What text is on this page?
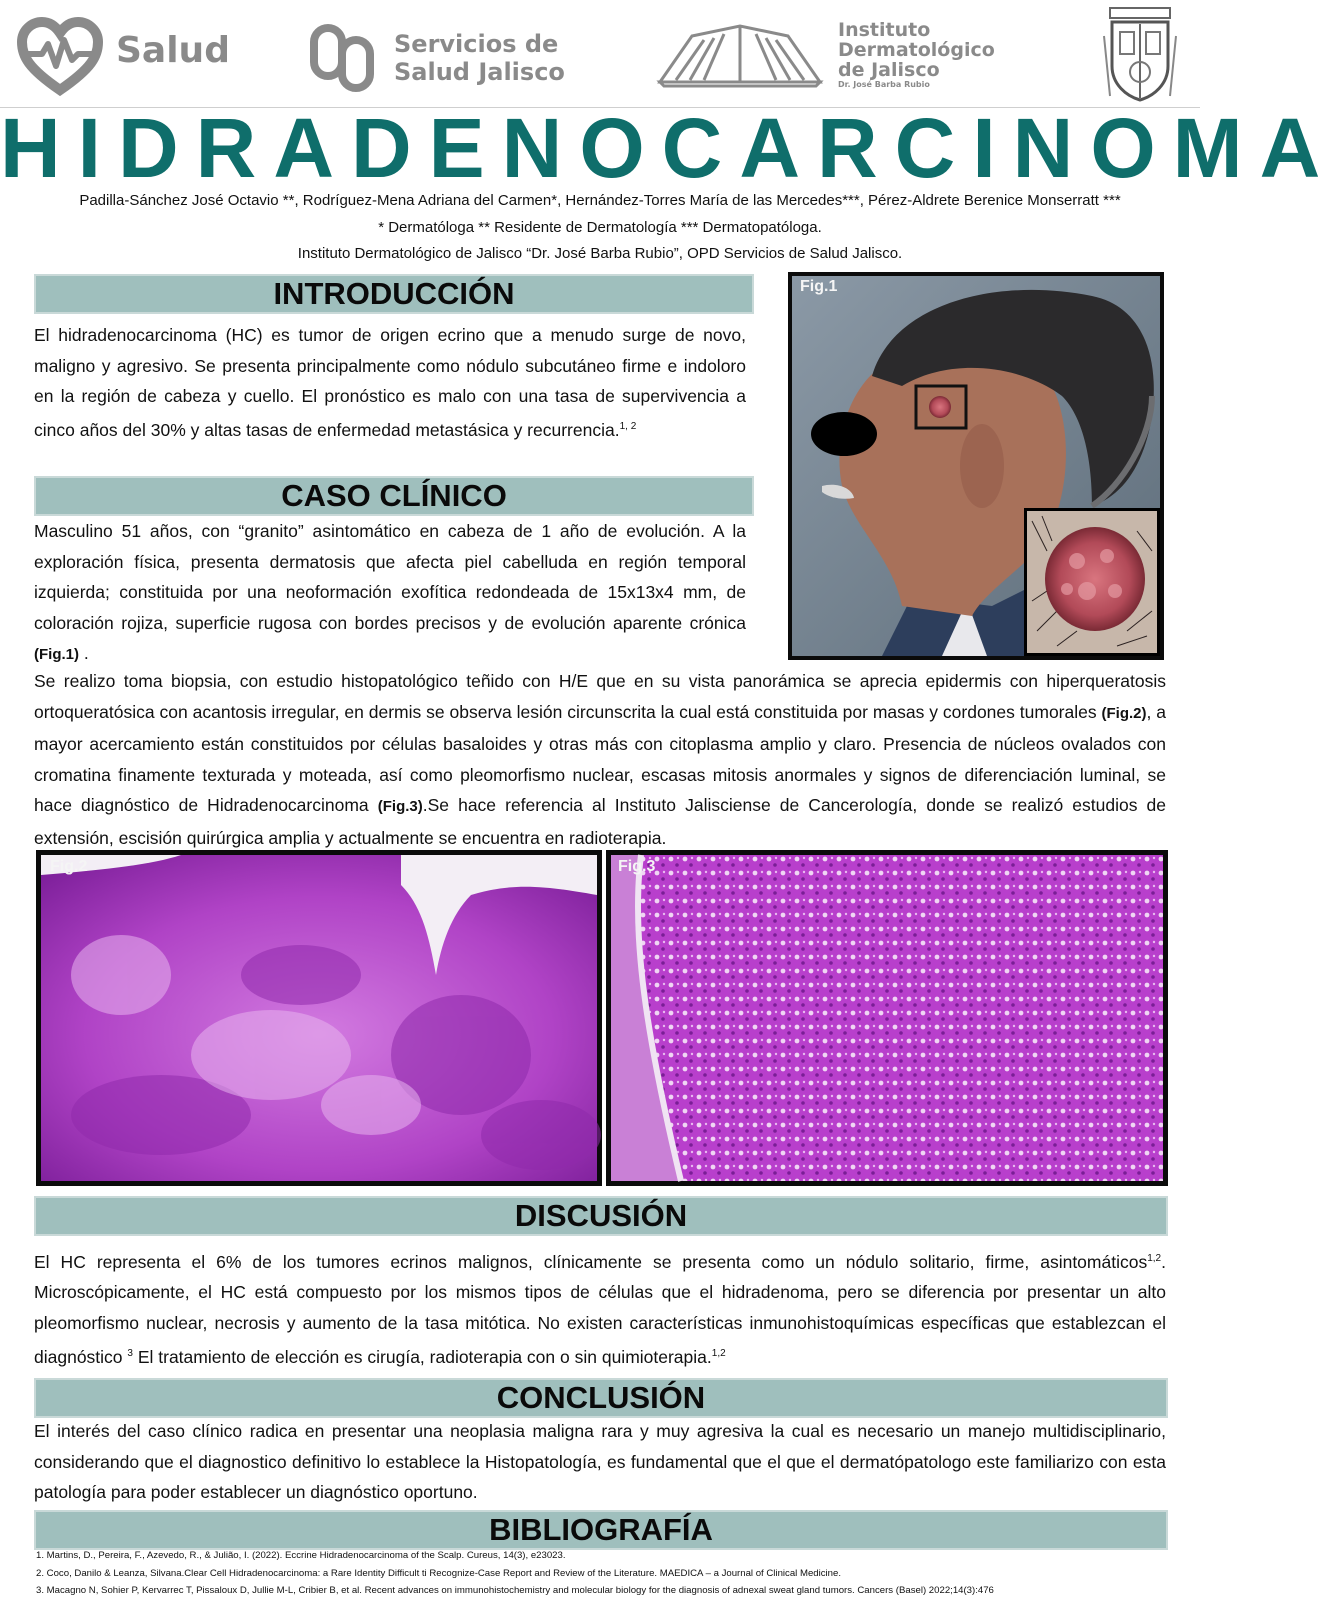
Salud	Servicios de
Salud Jalisco
Instituto
Dermatológico
de Jalisco
Dr. José Barba Rubio
HIDRADENOCARCINOMA
Padilla-Sánchez José Octavio **, Rodríguez-Mena Adriana del Carmen*, Hernández-Torres María de las Mercedes***, Pérez-Aldrete Berenice Monserratt ***
* Dermatóloga ** Residente de Dermatología *** Dermatopatóloga.
Instituto Dermatológico de Jalisco “Dr. José Barba Rubio”, OPD Servicios de Salud Jalisco.
INTRODUCCIÓN
El hidradenocarcinoma (HC) es tumor de origen ecrino que a menudo surge de novo, maligno y agresivo. Se presenta principalmente como nódulo subcutáneo firme e indoloro en la región de cabeza y cuello. El pronóstico es malo con una tasa de supervivencia a cinco años del 30% y altas tasas de enfermedad metastásica y recurrencia.$^{1, 2}$
CASO CLÍNICO
Masculino 51 años, con “granito” asintomático en cabeza de 1 año de evolución. A la exploración física, presenta dermatosis que afecta piel cabelluda en región temporal izquierda; constituida por una neoformación exofítica redondeada de 15x13x4 mm, de coloración rojiza, superficie rugosa con bordes precisos y de evolución aparente crónica (Fig.1) .
Fig.1
Se realizo toma biopsia, con estudio histopatológico teñido con H/E que en su vista panorámica se aprecia epidermis con hiperqueratosis ortoqueratósica con acantosis irregular, en dermis se observa lesión circunscrita la cual está constituida por masas y cordones tumorales (Fig.2), a mayor acercamiento están constituidos por células basaloides y otras más con citoplasma amplio y claro. Presencia de núcleos ovalados con cromatina finamente texturada y moteada, así como pleomorfismo nuclear, escasas mitosis anormales y signos de diferenciación luminal, se hace diagnóstico de Hidradenocarcinoma (Fig.3).Se hace referencia al Instituto Jalisciense de Cancerología, donde se realizó estudios de extensión, escisión quirúrgica amplia y actualmente se encuentra en radioterapia.
Fig.2	Fig.3
DISCUSIÓN
El HC representa el 6% de los tumores ecrinos malignos, clínicamente se presenta como un nódulo solitario, firme, asintomáticos$^{1,2}$. Microscópicamente, el HC está compuesto por los mismos tipos de células que el hidradenoma, pero se diferencia por presentar un alto pleomorfismo nuclear, necrosis y aumento de la tasa mitótica. No existen características inmunohistoquímicas específicas que establezcan el diagnóstico $^3$ El tratamiento de elección es cirugía, radioterapia con o sin quimioterapia.$^{1,2}$
CONCLUSIÓN
El interés del caso clínico radica en presentar una neoplasia maligna rara y muy agresiva la cual es necesario un manejo multidisciplinario, considerando que el diagnostico definitivo lo establece la Histopatología, es fundamental que el que el dermatópatologo este familiarizo con esta patología para poder establecer un diagnóstico oportuno.
BIBLIOGRAFÍA
1. Martins, D., Pereira, F., Azevedo, R., & Julião, I. (2022). Eccrine Hidradenocarcinoma of the Scalp. Cureus, 14(3), e23023.
2. Coco, Danilo & Leanza, Silvana.Clear Cell Hidradenocarcinoma: a Rare Identity Difficult ti Recognize-Case Report and Review of the Literature. MAEDICA – a Journal of Clinical Medicine.
3. Macagno N, Sohier P, Kervarrec T, Pissaloux D, Jullie M-L, Cribier B, et al. Recent advances on immunohistochemistry and molecular biology for the diagnosis of adnexal sweat gland tumors. Cancers (Basel) 2022;14(3):476
